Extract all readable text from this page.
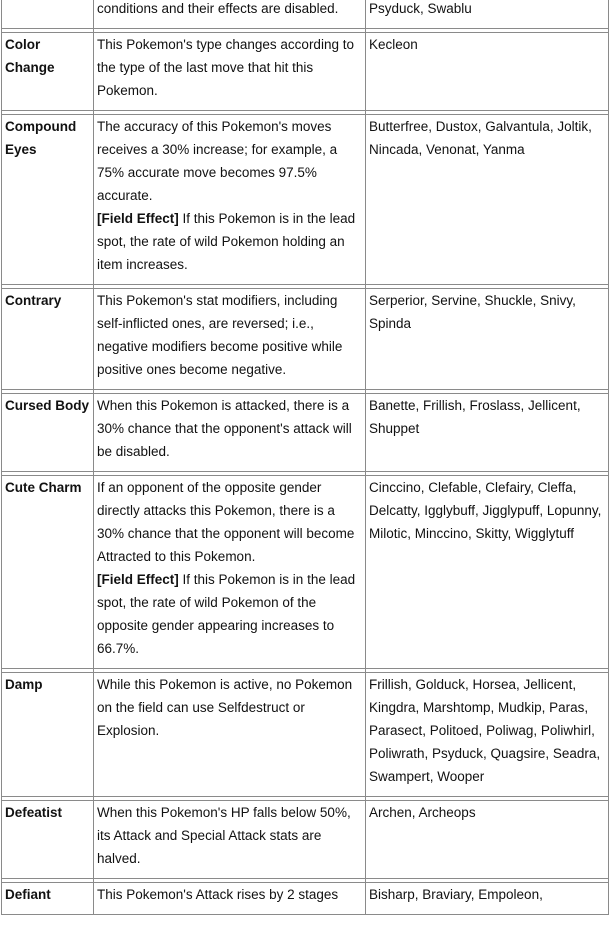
	conditions and their effects are disabled.	Psyduck, Swablu

Color Change	This Pokemon's type changes according to the type of the last move that hit this Pokemon.	Kecleon

Compound Eyes	The accuracy of this Pokemon's moves receives a 30% increase; for example, a 75% accurate move becomes 97.5% accurate.
[Field Effect] If this Pokemon is in the lead spot, the rate of wild Pokemon holding an item increases.	Butterfree, Dustox, Galvantula, Joltik, Nincada, Venonat, Yanma

Contrary	This Pokemon's stat modifiers, including self-inflicted ones, are reversed; i.e., negative modifiers become positive while positive ones become negative.	Serperior, Servine, Shuckle, Snivy, Spinda

Cursed Body	When this Pokemon is attacked, there is a 30% chance that the opponent's attack will be disabled.	Banette, Frillish, Froslass, Jellicent, Shuppet

Cute Charm	If an opponent of the opposite gender directly attacks this Pokemon, there is a 30% chance that the opponent will become Attracted to this Pokemon.
[Field Effect] If this Pokemon is in the lead spot, the rate of wild Pokemon of the opposite gender appearing increases to 66.7%.	Cinccino, Clefable, Clefairy, Cleffa, Delcatty, Igglybuff, Jigglypuff, Lopunny, Milotic, Minccino, Skitty, Wigglytuff

Damp	While this Pokemon is active, no Pokemon on the field can use Selfdestruct or Explosion.	Frillish, Golduck, Horsea, Jellicent, Kingdra, Marshtomp, Mudkip, Paras, Parasect, Politoed, Poliwag, Poliwhirl, Poliwrath, Psyduck, Quagsire, Seadra, Swampert, Wooper

Defeatist	When this Pokemon's HP falls below 50%, its Attack and Special Attack stats are halved.	Archen, Archeops

Defiant	This Pokemon's Attack rises by 2 stages	Bisharp, Braviary, Empoleon,
